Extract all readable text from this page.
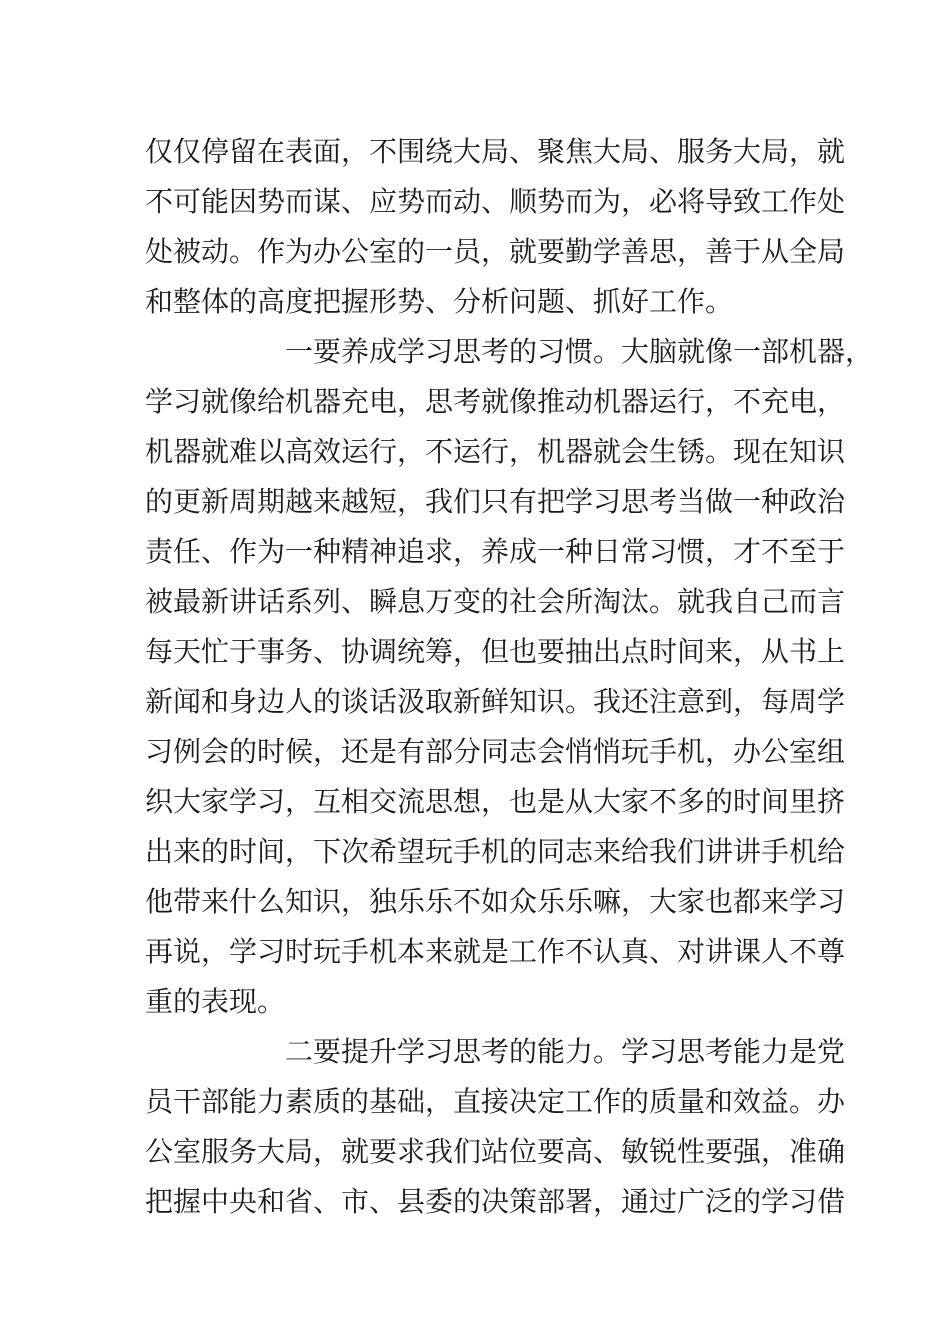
仅仅停留在表面，不围绕大局、聚焦大局、服务大局，就
不可能因势而谋、应势而动、顺势而为，必将导致工作处
处被动。作为办公室的一员，就要勤学善思，善于从全局
和整体的高度把握形势、分析问题、抓好工作。
一要养成学习思考的习惯。大脑就像一部机器，
学习就像给机器充电，思考就像推动机器运行，不充电，
机器就难以高效运行，不运行，机器就会生锈。现在知识
的更新周期越来越短，我们只有把学习思考当做一种政治
责任、作为一种精神追求，养成一种日常习惯，才不至于
被最新讲话系列、瞬息万变的社会所淘汰。就我自己而言
每天忙于事务、协调统筹，但也要抽出点时间来，从书上
新闻和身边人的谈话汲取新鲜知识。我还注意到，每周学
习例会的时候，还是有部分同志会悄悄玩手机，办公室组
织大家学习，互相交流思想，也是从大家不多的时间里挤
出来的时间，下次希望玩手机的同志来给我们讲讲手机给
他带来什么知识，独乐乐不如众乐乐嘛，大家也都来学习
再说，学习时玩手机本来就是工作不认真、对讲课人不尊
重的表现。
二要提升学习思考的能力。学习思考能力是党
员干部能力素质的基础，直接决定工作的质量和效益。办
公室服务大局，就要求我们站位要高、敏锐性要强，准确
把握中央和省、市、县委的决策部署，通过广泛的学习借
